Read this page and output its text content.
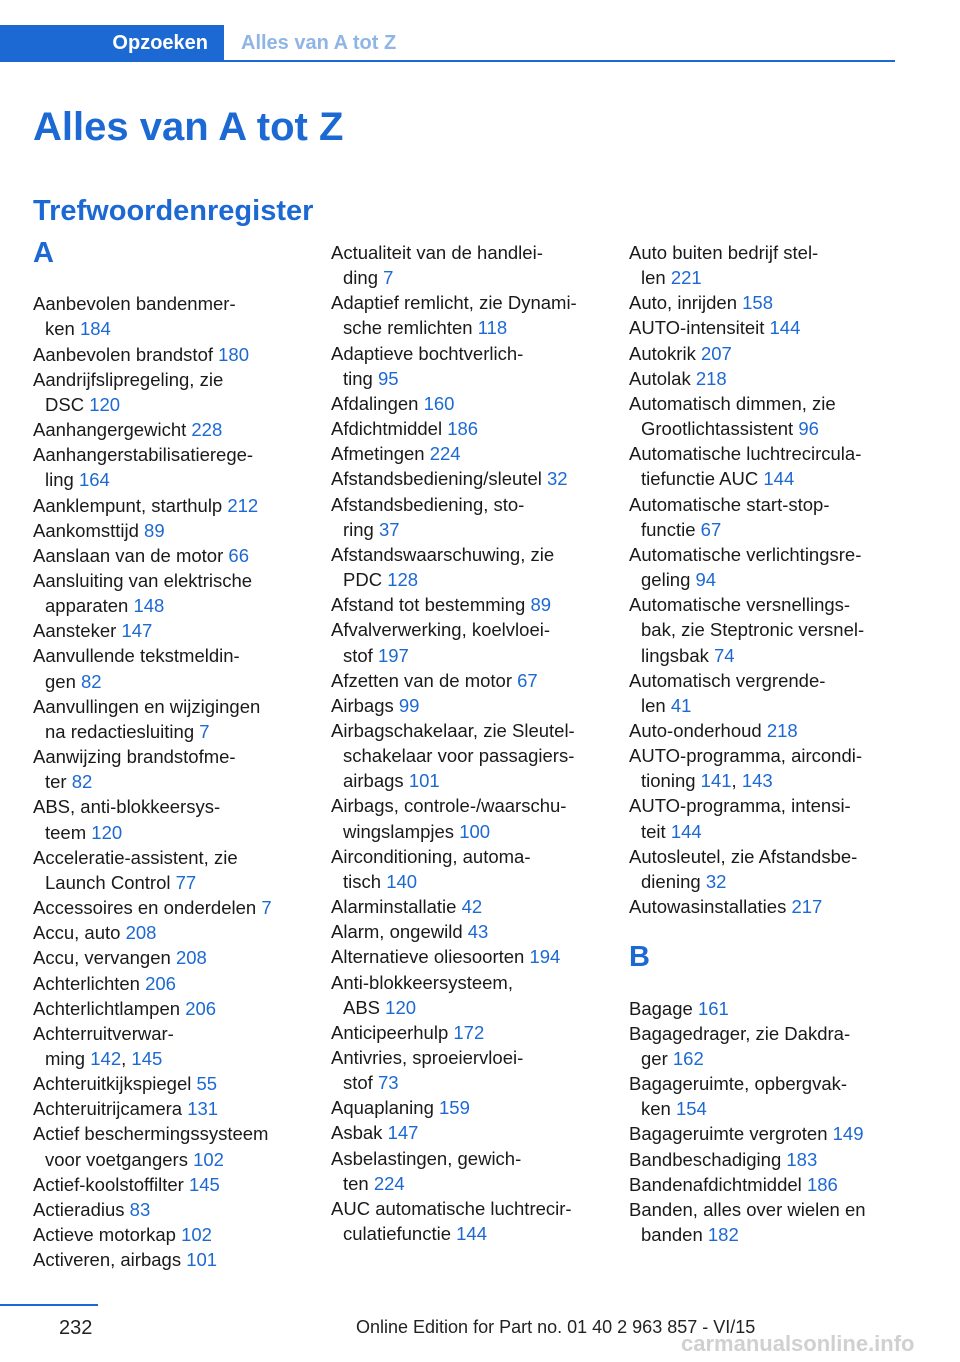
Opzoeken	Alles van A tot Z
Alles van A tot Z
Trefwoordenregister
A
Aanbevolen bandenmer-
ken 184
Aanbevolen brandstof 180
Aandrijfslipregeling, zie
DSC 120
Aanhangergewicht 228
Aanhangerstabilisatierege-
ling 164
Aanklempunt, starthulp 212
Aankomsttijd 89
Aanslaan van de motor 66
Aansluiting van elektrische
apparaten 148
Aansteker 147
Aanvullende tekstmeldin-
gen 82
Aanvullingen en wijzigingen
na redactiesluiting 7
Aanwijzing brandstofme-
ter 82
ABS, anti-blokkeersys-
teem 120
Acceleratie-assistent, zie
Launch Control 77
Accessoires en onderdelen 7
Accu, auto 208
Accu, vervangen 208
Achterlichten 206
Achterlichtlampen 206
Achterruitverwar-
ming 142, 145
Achteruitkijkspiegel 55
Achteruitrijcamera 131
Actief beschermingssysteem
voor voetgangers 102
Actief-koolstoffilter 145
Actieradius 83
Actieve motorkap 102
Activeren, airbags 101
Actualiteit van de handlei-
ding 7
Adaptief remlicht, zie Dynami-
sche remlichten 118
Adaptieve bochtverlich-
ting 95
Afdalingen 160
Afdichtmiddel 186
Afmetingen 224
Afstandsbediening/sleutel 32
Afstandsbediening, sto-
ring 37
Afstandswaarschuwing, zie
PDC 128
Afstand tot bestemming 89
Afvalverwerking, koelvloei-
stof 197
Afzetten van de motor 67
Airbags 99
Airbagschakelaar, zie Sleutel-
schakelaar voor passagiers-
airbags 101
Airbags, controle-/waarschu-
wingslampjes 100
Airconditioning, automa-
tisch 140
Alarminstallatie 42
Alarm, ongewild 43
Alternatieve oliesoorten 194
Anti-blokkeersysteem,
ABS 120
Anticipeerhulp 172
Antivries, sproeiervloei-
stof 73
Aquaplaning 159
Asbak 147
Asbelastingen, gewich-
ten 224
AUC automatische luchtrecir-
culatiefunctie 144
Auto buiten bedrijf stel-
len 221
Auto, inrijden 158
AUTO-intensiteit 144
Autokrik 207
Autolak 218
Automatisch dimmen, zie
Grootlichtassistent 96
Automatische luchtrecircula-
tiefunctie AUC 144
Automatische start-stop-
functie 67
Automatische verlichtingsre-
geling 94
Automatische versnellings-
bak, zie Steptronic versnel-
lingsbak 74
Automatisch vergrende-
len 41
Auto-onderhoud 218
AUTO-programma, aircondi-
tioning 141, 143
AUTO-programma, intensi-
teit 144
Autosleutel, zie Afstandsbe-
diening 32
Autowasinstallaties 217
B
Bagage 161
Bagagedrager, zie Dakdra-
ger 162
Bagageruimte, opbergvak-
ken 154
Bagageruimte vergroten 149
Bandbeschadiging 183
Bandenafdichtmiddel 186
Banden, alles over wielen en
banden 182
232	Online Edition for Part no. 01 40 2 963 857 - VI/15
carmanualsonline.info
